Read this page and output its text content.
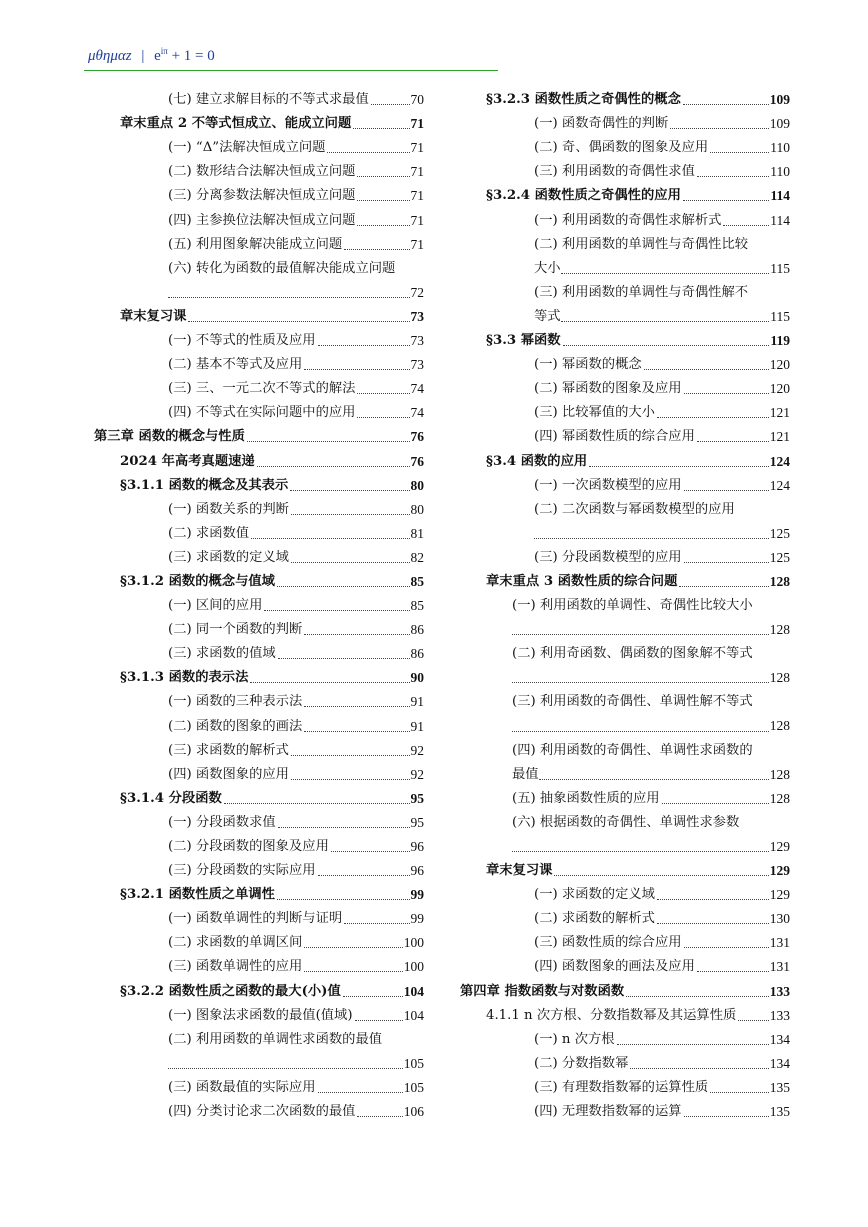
μθημαz | $e^{i\pi} + 1 = 0$
(七) 建立求解目标的不等式求最值	70
章末重点 2 不等式恒成立、能成立问题	71
(一) “Δ”法解决恒成立问题	71
(二) 数形结合法解决恒成立问题	71
(三) 分离参数法解决恒成立问题	71
(四) 主参换位法解决恒成立问题	71
(五) 利用图象解决能成立问题	71
(六) 转化为函数的最值解决能成立问题
72
章末复习课	73
(一) 不等式的性质及应用	73
(二) 基本不等式及应用	73
(三) 三、一元二次不等式的解法	74
(四) 不等式在实际问题中的应用	74
第三章 函数的概念与性质	76
2024 年高考真题速递	76
§3.1.1 函数的概念及其表示	80
(一) 函数关系的判断	80
(二) 求函数值	81
(三) 求函数的定义域	82
§3.1.2 函数的概念与值域	85
(一) 区间的应用	85
(二) 同一个函数的判断	86
(三) 求函数的值域	86
§3.1.3 函数的表示法	90
(一) 函数的三种表示法	91
(二) 函数的图象的画法	91
(三) 求函数的解析式	92
(四) 函数图象的应用	92
§3.1.4 分段函数	95
(一) 分段函数求值	95
(二) 分段函数的图象及应用	96
(三) 分段函数的实际应用	96
§3.2.1 函数性质之单调性	99
(一) 函数单调性的判断与证明	99
(二) 求函数的单调区间	100
(三) 函数单调性的应用	100
§3.2.2 函数性质之函数的最大(小)值	104
(一) 图象法求函数的最值(值域)	104
(二) 利用函数的单调性求函数的最值
105
(三) 函数最值的实际应用	105
(四) 分类讨论求二次函数的最值	106
§3.2.3 函数性质之奇偶性的概念	109
(一) 函数奇偶性的判断	109
(二) 奇、偶函数的图象及应用	110
(三) 利用函数的奇偶性求值	110
§3.2.4 函数性质之奇偶性的应用	114
(一) 利用函数的奇偶性求解析式	114
(二) 利用函数的单调性与奇偶性比较
大小	115
(三) 利用函数的单调性与奇偶性解不
等式	115
§3.3 幂函数	119
(一) 幂函数的概念	120
(二) 幂函数的图象及应用	120
(三) 比较幂值的大小	121
(四) 幂函数性质的综合应用	121
§3.4 函数的应用	124
(一) 一次函数模型的应用	124
(二) 二次函数与幂函数模型的应用
125
(三) 分段函数模型的应用	125
章末重点 3 函数性质的综合问题	128
(一) 利用函数的单调性、奇偶性比较大小
128
(二) 利用奇函数、偶函数的图象解不等式
128
(三) 利用函数的奇偶性、单调性解不等式
128
(四) 利用函数的奇偶性、单调性求函数的
最值	128
(五) 抽象函数性质的应用	128
(六) 根据函数的奇偶性、单调性求参数
129
章末复习课	129
(一) 求函数的定义域	129
(二) 求函数的解析式	130
(三) 函数性质的综合应用	131
(四) 函数图象的画法及应用	131
第四章 指数函数与对数函数	133
4.1.1 n 次方根、分数指数幂及其运算性质 133
(一) n 次方根	134
(二) 分数指数幂	134
(三) 有理数指数幂的运算性质	135
(四) 无理数指数幂的运算	135
